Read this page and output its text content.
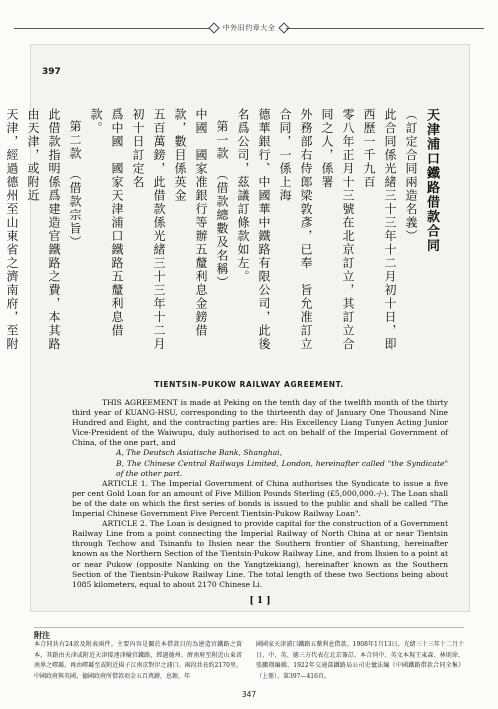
中外旧约章大全
397
天津浦口鐵路借款合同
（訂定合同兩造名義）
此合同係光緒三十三年十二月初十日，即西歷一千九百
零八年正月十三號在北京訂立，其訂立合同之人，係署
外務部右侍郎梁敦彥，已奉　旨允准訂立合同，一係上海
德華銀行、中國華中鐵路有限公司，此後名爲公司，茲議訂條款如左。
第一款　（借款總數及名稱）
中國　國家准銀行等辦五釐利息金鎊借款，數目係英金
五百萬鎊，此借款係光緒三十三年十二月初十日訂定名
爲中國　國家天津浦口鐵路五釐利息借款。
第二款　（借款宗旨）
此借款指明係爲建造官鐵路之費，本其路由天津，或附近
天津，經過德州至山東省之濟南府，至附
TIENTSIN-PUKOW RAILWAY AGREEMENT.

THIS AGREEMENT is made at Peking on the tenth day of the twelfth month of the thirty third year of KUANG-HSU, corresponding to the thirteenth day of January One Thousand Nine Hundred and Eight, and the contracting parties are: His Excellency Liang Tunyen Acting Junior Vice-President of the Waiwupu, duly authorised to act on behalf of the Imperial Government of China, of the one part, and

A, The Deutsch Asiatische Bank, Shanghai,

B, The Chinese Central Railways Limited, London, hereinafter called "the Syndicate" of the other part.

ARTICLE 1. The Imperial Government of China authorises the Syndicate to issue a five per cent Gold Loan for an amount of Five Million Pounds Sterling (£5,000,000.-/-). The Loan shall be of the date on which the first series of bonds is issued to the public and shall be called "The Imperial Chinese Government Five Percent Tientsin-Pukow Railway Loan".

ARTICLE 2. The Loan is designed to provide capital for the construction of a Government Railway Line from a point connecting the Imperial Railway of North China at or near Tientsin through Techow and Tsinanfu to Ihsien near the Southern frontier of Shantung, hereinafter known as the Northern Section of the Tientsin-Pukow Railway Line, and from Ihsien to a point at or near Pukow (opposite Nanking on the Yangtzekiang), hereinafter known as the Southern Section of the Tientsin-Pukow Railway Line. The total length of these two Sections being about 1085 kilometers, equal to about 2170 Chinese Li.

[ 1 ]

附注
本合同共有24款及附表兩件。主要內容是關於本借款目的為建造官鐵路之資本，其路由天津或附近天津接連津榆官鐵路，經過德州、濟南府至附近山東省南界之嶧縣，再由嶧縣至或附近揚子江南京對岸之浦口。兩段共長約2170里。中國政府與英國、德國政府所借款項金五百萬鎊，息銀，年
國國家天津浦口鐵路五釐利息借款。1908年1月13日，光緒三十三年十二月十日，中、英、德三方代表在北京簽訂。本合同中、英文本現王東森、林則徐、張鵬翔編輯，1922年交通部鐵路局公司史彙法編《中國鐵路借款合同全集》（上冊），第397—416頁。
347
